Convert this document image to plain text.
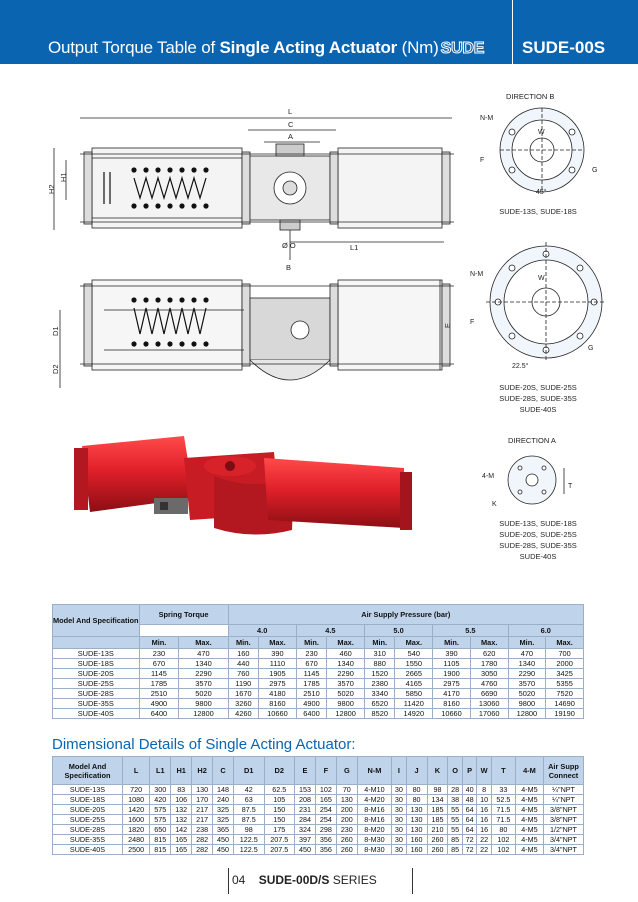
Output Torque Table of Single Acting Actuator (Nm) SUDE SUDE-00S
L
C
A
H2
H1
Ø O	L1
B
D1
D2
E
DIRECTION B
N-M
W
F
G
45°
SUDE-13S, SUDE-18S
N-M
W
F
G
22.5°
SUDE-20S, SUDE-25S
SUDE-28S, SUDE-35S
SUDE-40S
DIRECTION A
4-M
K
T
SUDE-13S, SUDE-18S
SUDE-20S, SUDE-25S
SUDE-28S, SUDE-35S
SUDE-40S
Model And Specification	Spring Torque		Air Supply Pressure (bar)									
			4.0		4.5		5.0		5.5		6.0	
	Min.	Max.	Min.	Max.	Min.	Max.	Min.	Max.	Min.	Max.	Min.	Max.
SUDE-13S	230	470	160	390	230	460	310	540	390	620	470	700
SUDE-18S	670	1340	440	1110	670	1340	880	1550	1105	1780	1340	2000
SUDE-20S	1145	2290	760	1905	1145	2290	1520	2665	1900	3050	2290	3425
SUDE-25S	1785	3570	1190	2975	1785	3570	2380	4165	2975	4760	3570	5355
SUDE-28S	2510	5020	1670	4180	2510	5020	3340	5850	4170	6690	5020	7520
SUDE-35S	4900	9800	3260	8160	4900	9800	6520	11420	8160	13060	9800	14690
SUDE-40S	6400	12800	4260	10660	6400	12800	8520	14920	10660	17060	12800	19190
Dimensional Details of Single Acting Actuator:
Model And Specification	L	L1	H1	H2	C	D1	D2	E	F	G	N-M	I	J	K	O	P	W	T	4-M	Air Supp Connect
SUDE-13S	720	300	83	130	148	42	62.5	153	102	70	4-M10	30	80	98	28	40	8	33	4-M5	¼"NPT
SUDE-18S	1080	420	106	170	240	63	105	208	165	130	4-M20	30	80	134	38	48	10	52.5	4-M5	¼"NPT
SUDE-20S	1420	575	132	217	325	87.5	150	231	254	200	8-M16	30	130	185	55	64	16	71.5	4-M5	3/8"NPT
SUDE-25S	1600	575	132	217	325	87.5	150	284	254	200	8-M16	30	130	185	55	64	16	71.5	4-M5	3/8"NPT
SUDE-28S	1820	650	142	238	365	98	175	324	298	230	8-M20	30	130	210	55	64	16	80	4-M5	1/2"NPT
SUDE-35S	2480	815	165	282	450	122.5	207.5	397	356	260	8-M30	30	160	260	85	72	22	102	4-M5	3/4"NPT
SUDE-40S	2500	815	165	282	450	122.5	207.5	450	356	260	8-M30	30	160	260	85	72	22	102	4-M5	3/4"NPT
04 SUDE-00D/S SERIES
